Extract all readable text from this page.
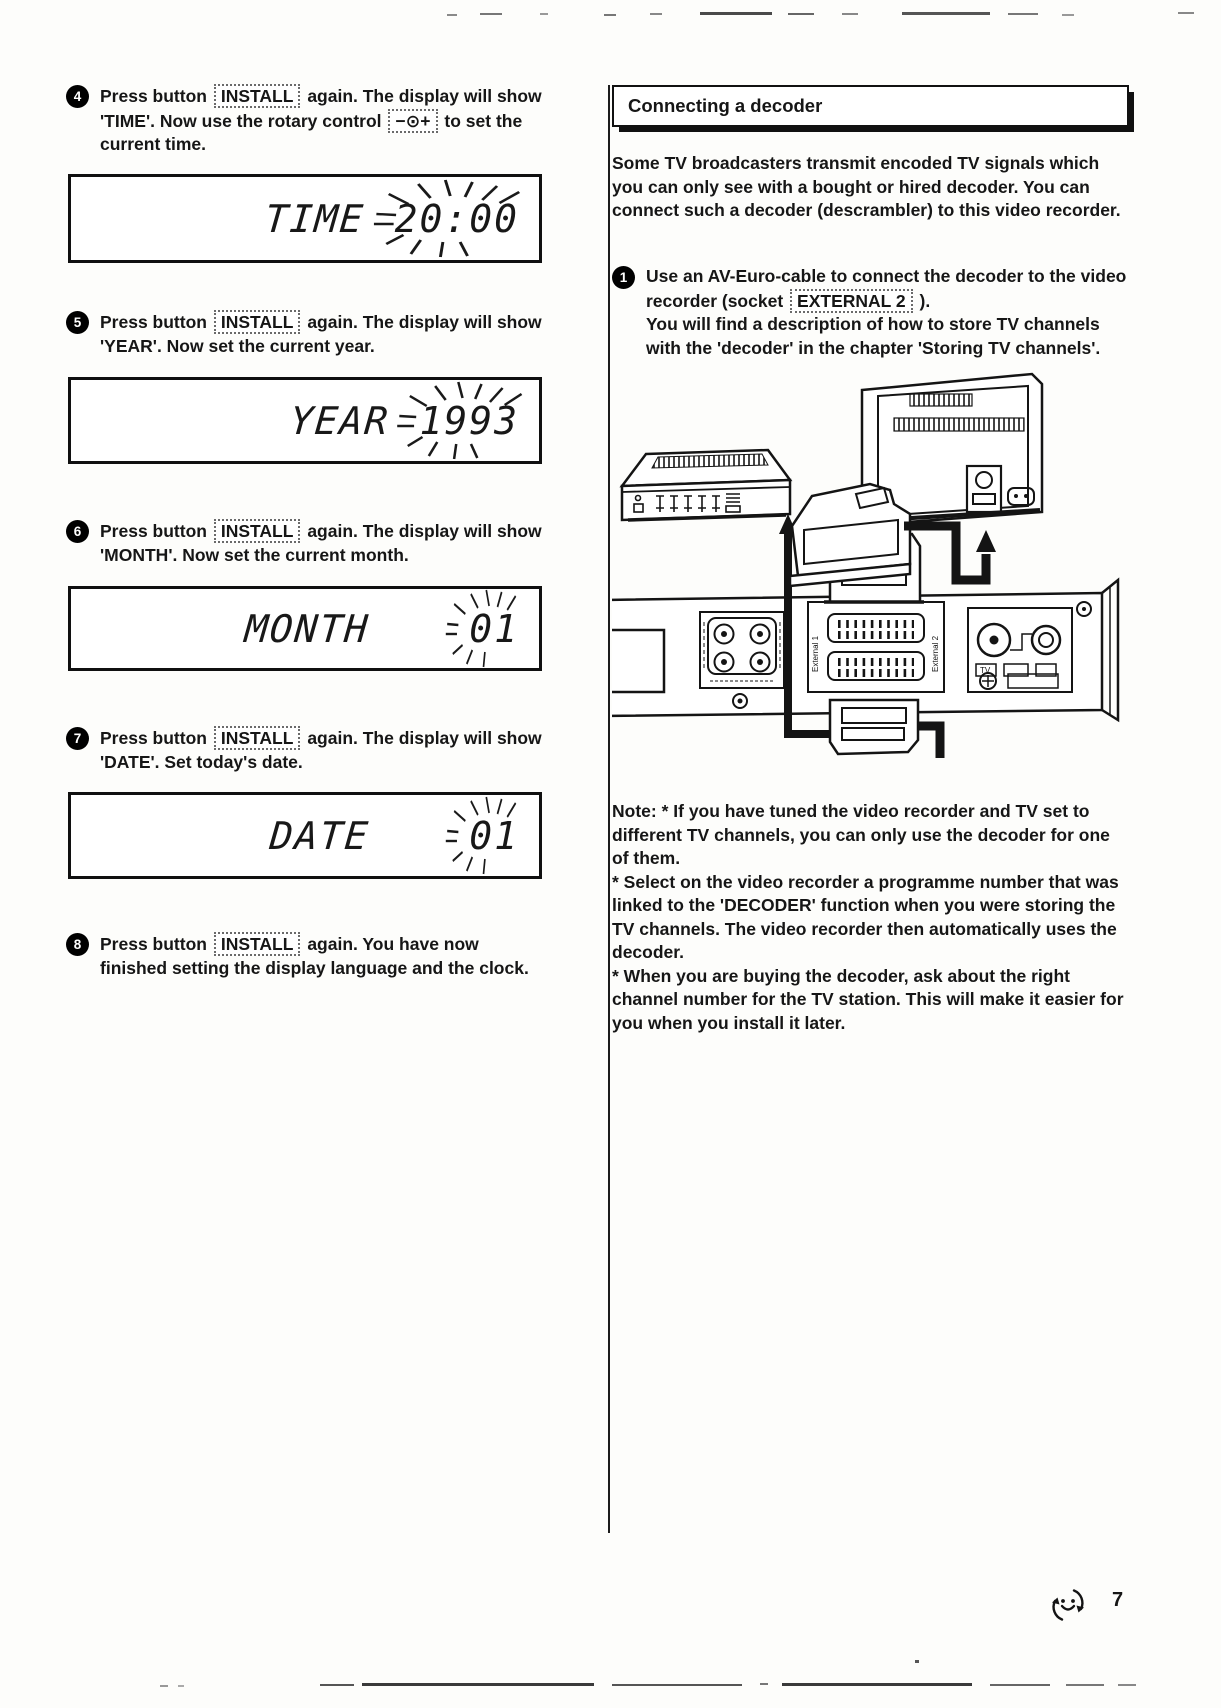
4	Press button INSTALL again. The display will show 'TIME'. Now use the rotary control −⊙+ to set the current time.
TIME 20:00
5	Press button INSTALL again. The display will show 'YEAR'. Now set the current year.
YEAR 1993
6	Press button INSTALL again. The display will show 'MONTH'. Now set the current month.
MONTH	01
7	Press button INSTALL again. The display will show 'DATE'. Set today's date.
DATE	01
8	Press button INSTALL again. You have now finished setting the display language and the clock.
Connecting a decoder
Some TV broadcasters transmit encoded TV signals which you can only see with a bought or hired decoder. You can connect such a decoder (descrambler) to this video recorder.
1	Use an AV-Euro-cable to connect the decoder to the video recorder (socket EXTERNAL 2 ).
You will find a description of how to store TV channels with the 'decoder' in the chapter 'Storing TV channels'.
External 1	External 2	TV
Note: * If you have tuned the video recorder and TV set to different TV channels, you can only use the decoder for one of them.
* Select on the video recorder a programme number that was linked to the 'DECODER' function when you were storing the TV channels. The video recorder then automatically uses the decoder.
* When you are buying the decoder, ask about the right channel number for the TV station. This will make it easier for you when you install it later.
7
